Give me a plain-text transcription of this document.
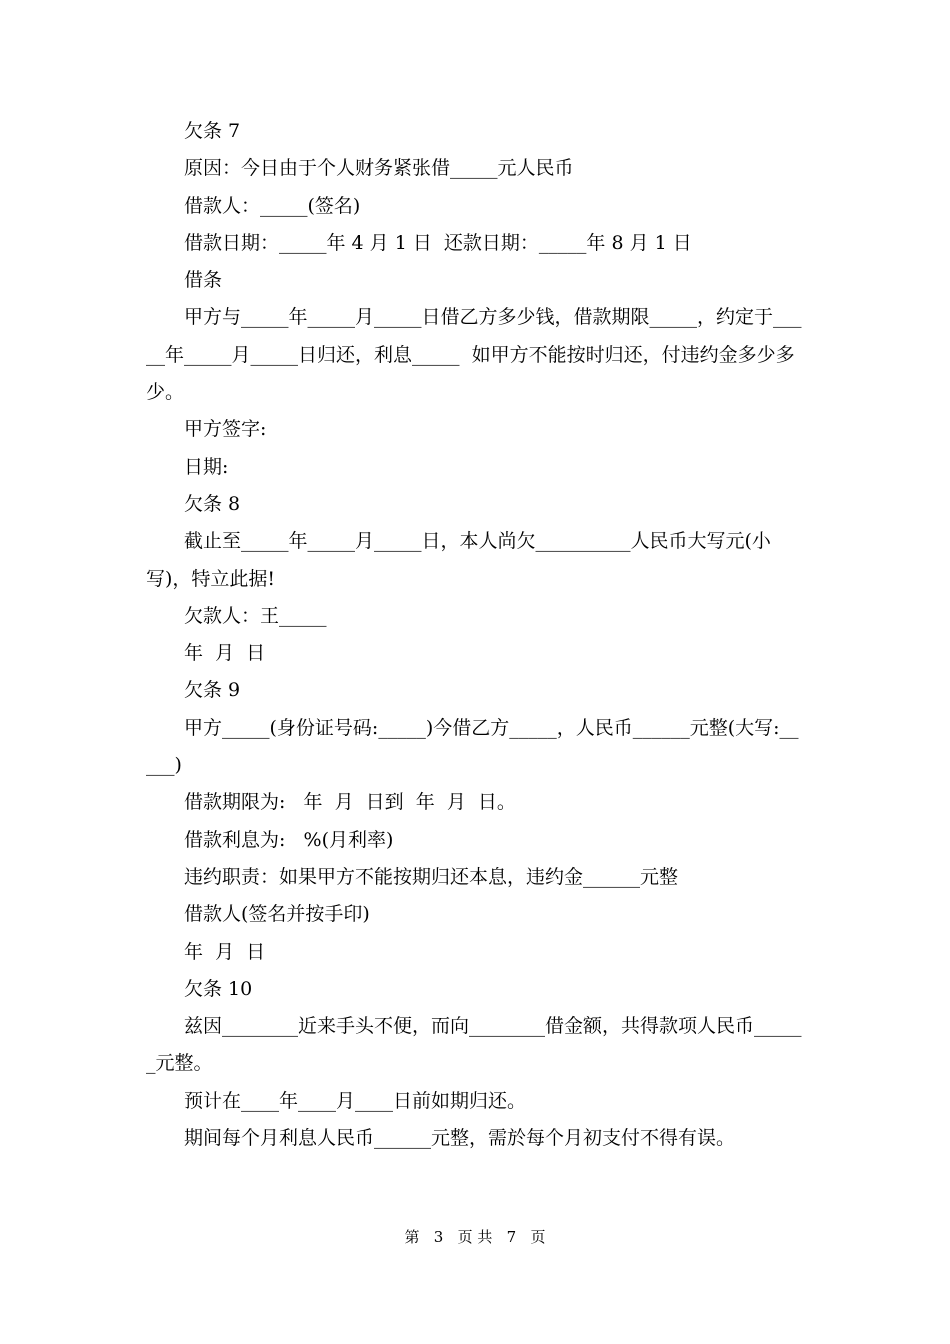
欠条 7

原因：今日由于个人财务紧张借_____元人民币

借款人：_____(签名)

借款日期：_____年 4 月 1 日  还款日期：_____年 8 月 1 日

借条

甲方与_____年_____月_____日借乙方多少钱，借款期限_____，约定于_____年_____月_____日归还，利息_____  如甲方不能按时归还，付违约金多少多少。

甲方签字:

日期:

欠条 8

截止至_____年_____月_____日，本人尚欠__________人民币大写元(小写)，特立此据!

欠款人：王_____

年  月  日

欠条 9

甲方_____(身份证号码:_____)今借乙方_____，人民币______元整(大写:_____)

借款期限为:   年  月  日到  年  月  日。

借款利息为:   %(月利率)

违约职责：如果甲方不能按期归还本息，违约金______元整

借款人(签名并按手印)

年  月  日

欠条 10

兹因________近来手头不便，而向________借金额，共得款项人民币______元整。

预计在____年____月____日前如期归还。

期间每个月利息人民币______元整，需於每个月初支付不得有误。

第   3   页 共   7   页
